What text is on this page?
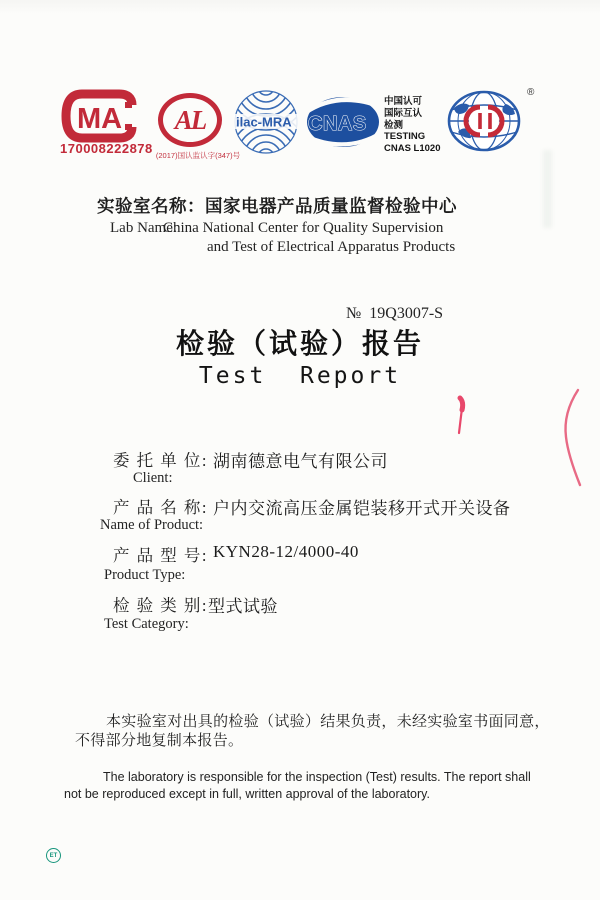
MA
170008222878
AL
(2017)国认监认字(347)号
ilac-MRA CNAS
中国认可
国际互认
检测
TESTING
CNAS L1020
®
实验室名称：国家电器产品质量监督检验中心
Lab Name:
China National Center for Quality Supervision
and Test of Electrical Apparatus Products

№ 19Q3007-S

检验（试验）报告
Test  Report
委 托 单 位: 湖南德意电气有限公司
Client:
产 品 名 称: 户内交流高压金属铠装移开式开关设备
Name of Product:
产 品 型 号: KYN28-12/4000-40
Product Type:
检 验 类 别: 型式试验
Test Category:
本实验室对出具的检验（试验）结果负责，未经实验室书面同意，
不得部分地复制本报告。
The laboratory is responsible for the inspection (Test) results. The report shall
not be reproduced except in full, written approval of the laboratory.
ET
